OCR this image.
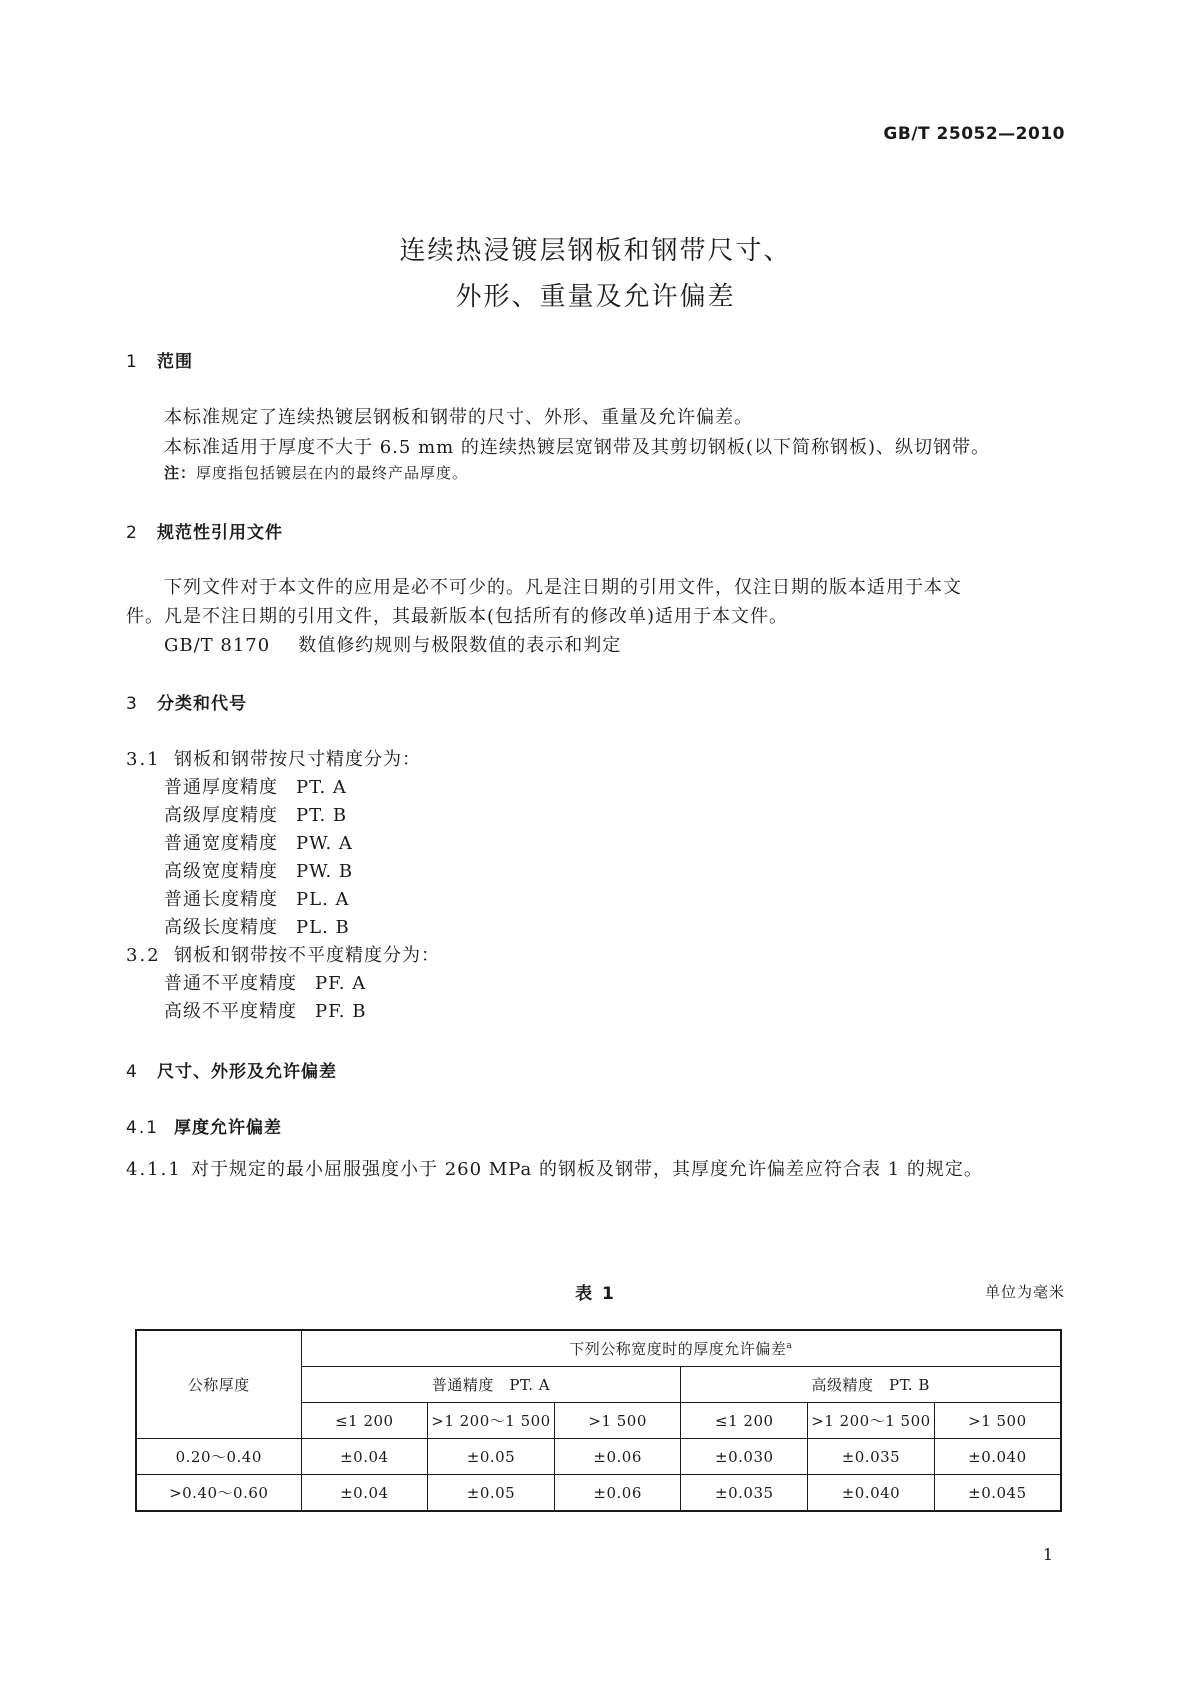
GB/T 25052—2010
连续热浸镀层钢板和钢带尺寸、
外形、重量及允许偏差
1 范围
本标准规定了连续热镀层钢板和钢带的尺寸、外形、重量及允许偏差。
本标准适用于厚度不大于 6.5 mm 的连续热镀层宽钢带及其剪切钢板(以下简称钢板)、纵切钢带。
注：厚度指包括镀层在内的最终产品厚度。
2 规范性引用文件
下列文件对于本文件的应用是必不可少的。凡是注日期的引用文件，仅注日期的版本适用于本文
件。凡是不注日期的引用文件，其最新版本(包括所有的修改单)适用于本文件。
GB/T 8170 数值修约规则与极限数值的表示和判定
3 分类和代号
3.1 钢板和钢带按尺寸精度分为：
普通厚度精度 PT. A
高级厚度精度 PT. B
普通宽度精度 PW. A
高级宽度精度 PW. B
普通长度精度 PL. A
高级长度精度 PL. B
3.2 钢板和钢带按不平度精度分为：
普通不平度精度 PF. A
高级不平度精度 PF. B
4 尺寸、外形及允许偏差
4.1 厚度允许偏差
4.1.1 对于规定的最小屈服强度小于 260 MPa 的钢板及钢带，其厚度允许偏差应符合表 1 的规定。
表 1	单位为毫米
公称厚度	下列公称宽度时的厚度允许偏差$^a$
	普通精度　PT. A			高级精度　PT. B		
	≤1 200	>1 200～1 500	>1 500	≤1 200	>1 200～1 500	>1 500
0.20～0.40	±0.04	±0.05	±0.06	±0.030	±0.035	±0.040
>0.40～0.60	±0.04	±0.05	±0.06	±0.035	±0.040	±0.045
1
